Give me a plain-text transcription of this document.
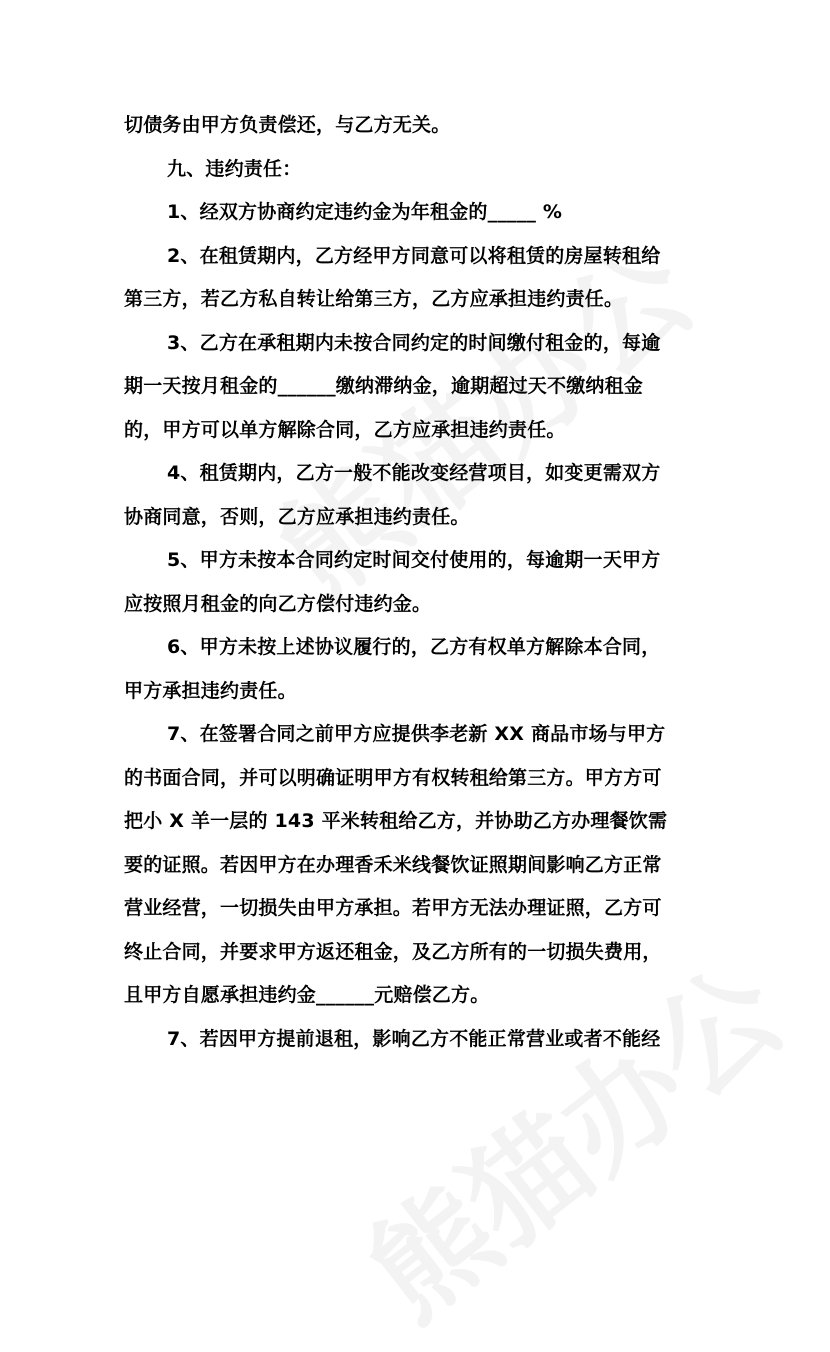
切债务由甲方负责偿还，与乙方无关。
九、违约责任：
1、经双方协商约定违约金为年租金的_____ %
2、在租赁期内，乙方经甲方同意可以将租赁的房屋转租给
第三方，若乙方私自转让给第三方，乙方应承担违约责任。
3、乙方在承租期内未按合同约定的时间缴付租金的，每逾
期一天按月租金的______缴纳滞纳金，逾期超过天不缴纳租金
的，甲方可以单方解除合同，乙方应承担违约责任。
4、租赁期内，乙方一般不能改变经营项目，如变更需双方
协商同意，否则，乙方应承担违约责任。
5、甲方未按本合同约定时间交付使用的，每逾期一天甲方
应按照月租金的向乙方偿付违约金。
6、甲方未按上述协议履行的，乙方有权单方解除本合同，
甲方承担违约责任。
7、在签署合同之前甲方应提供李老新 XX 商品市场与甲方
的书面合同，并可以明确证明甲方有权转租给第三方。甲方方可
把小 X 羊一层的 143 平米转租给乙方，并协助乙方办理餐饮需
要的证照。若因甲方在办理香禾米线餐饮证照期间影响乙方正常
营业经营，一切损失由甲方承担。若甲方无法办理证照，乙方可
终止合同，并要求甲方返还租金，及乙方所有的一切损失费用，
且甲方自愿承担违约金______元赔偿乙方。
7、若因甲方提前退租，影响乙方不能正常营业或者不能经
